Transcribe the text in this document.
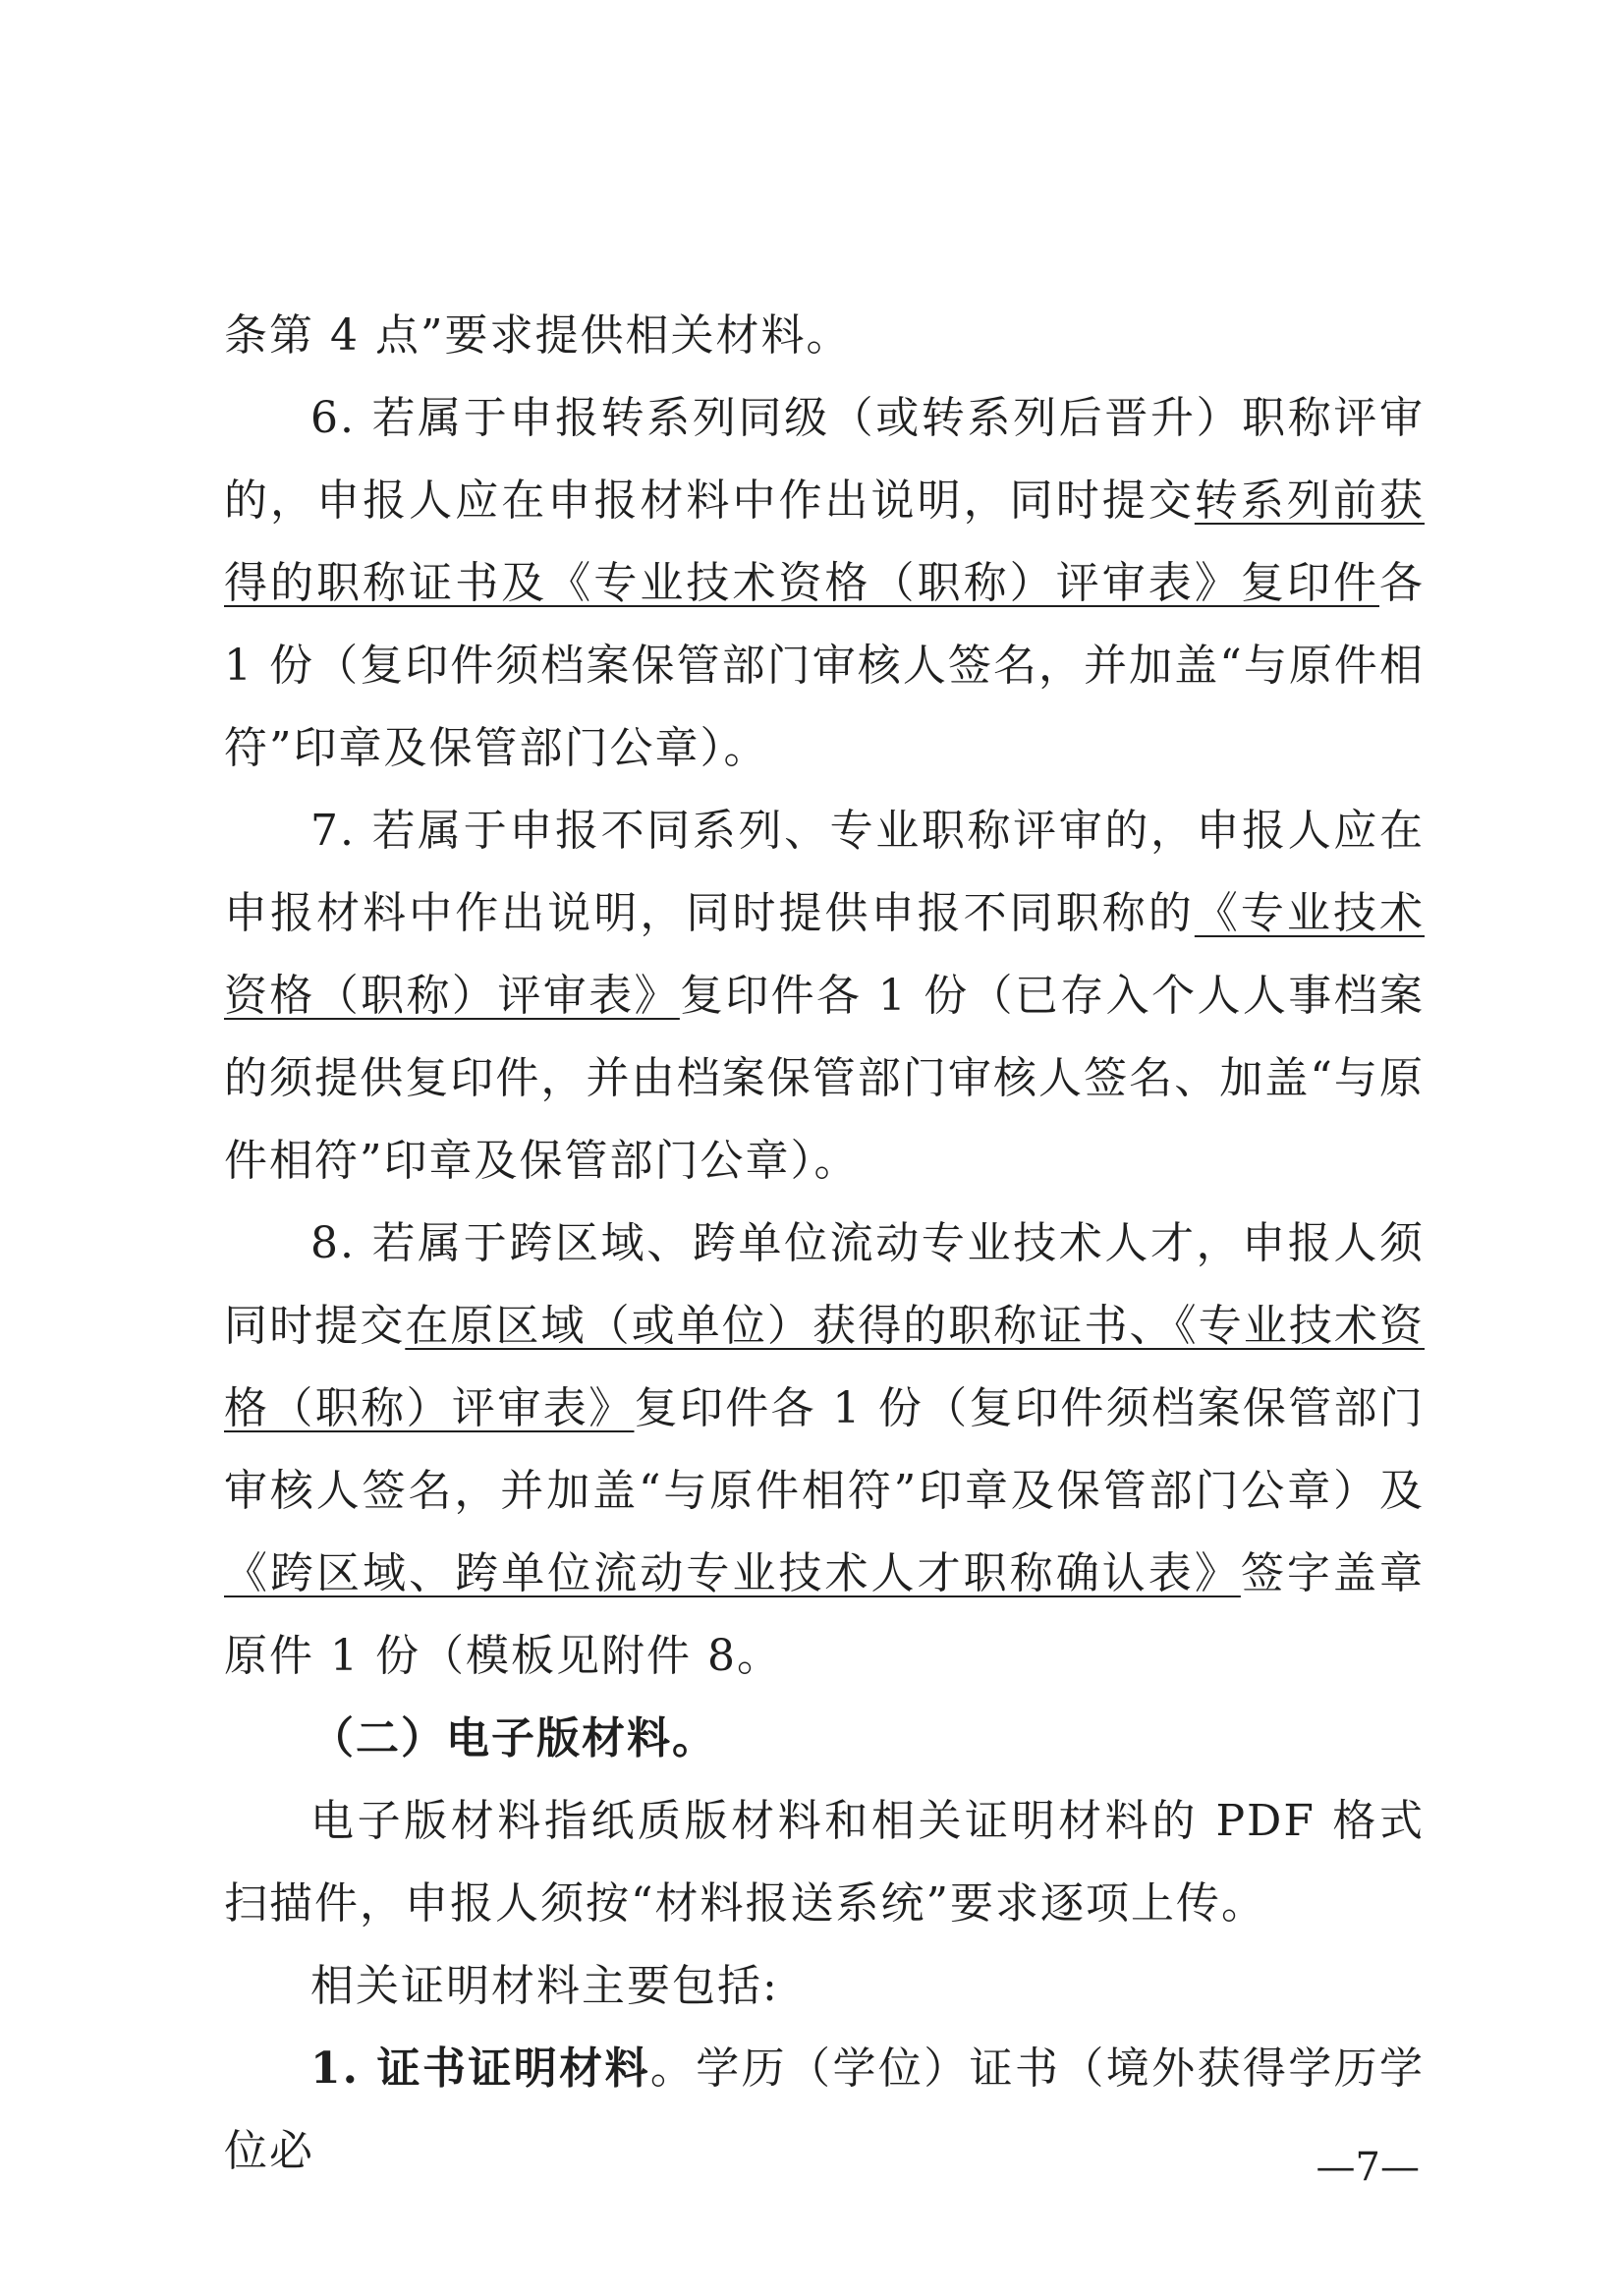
条第 4 点”要求提供相关材料。

6. 若属于申报转系列同级（或转系列后晋升）职称评审的，申报人应在申报材料中作出说明，同时提交转系列前获得的职称证书及《专业技术资格（职称）评审表》复印件各 1 份（复印件须档案保管部门审核人签名，并加盖“与原件相符”印章及保管部门公章）。

7. 若属于申报不同系列、专业职称评审的，申报人应在申报材料中作出说明，同时提供申报不同职称的《专业技术资格（职称）评审表》复印件各 1 份（已存入个人人事档案的须提供复印件，并由档案保管部门审核人签名、加盖“与原件相符”印章及保管部门公章）。

8. 若属于跨区域、跨单位流动专业技术人才，申报人须同时提交在原区域（或单位）获得的职称证书、《专业技术资格（职称）评审表》复印件各 1 份（复印件须档案保管部门审核人签名，并加盖“与原件相符”印章及保管部门公章）及《跨区域、跨单位流动专业技术人才职称确认表》签字盖章原件 1 份（模板见附件 8。

（二）电子版材料。

电子版材料指纸质版材料和相关证明材料的 PDF 格式扫描件，申报人须按“材料报送系统”要求逐项上传。

相关证明材料主要包括:

1. 证书证明材料。学历（学位）证书（境外获得学历学位必	—7—
